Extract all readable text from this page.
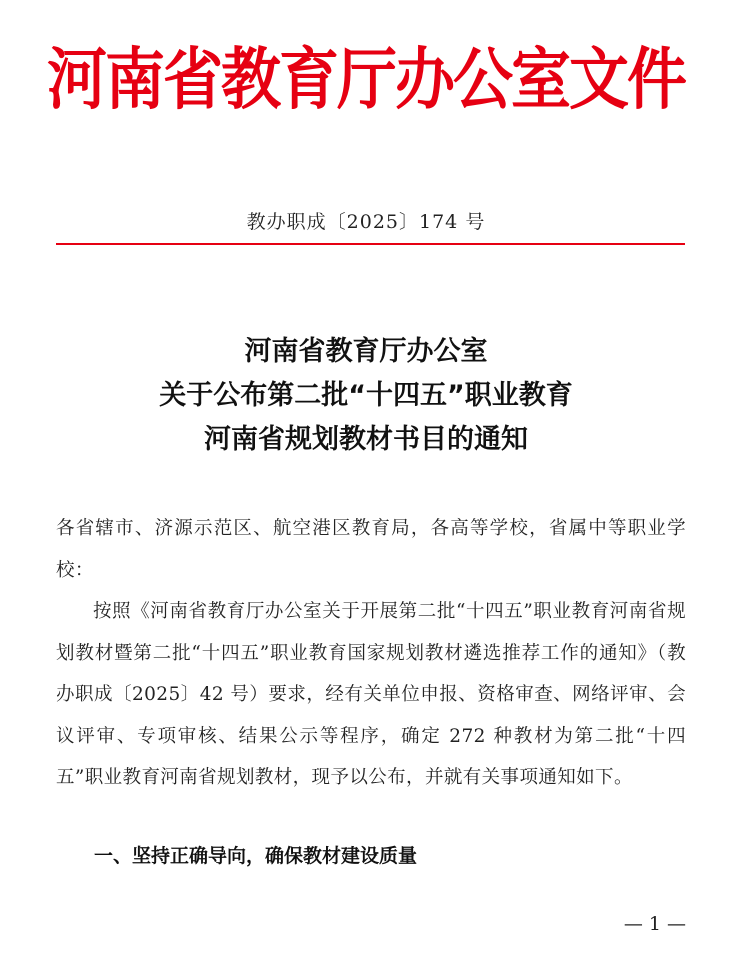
河南省教育厅办公室文件
教办职成〔2025〕174 号
河南省教育厅办公室
关于公布第二批“十四五”职业教育
河南省规划教材书目的通知

各省辖市、济源示范区、航空港区教育局，各高等学校，省属中等职业学校：

按照《河南省教育厅办公室关于开展第二批“十四五”职业教育河南省规划教材暨第二批“十四五”职业教育国家规划教材遴选推荐工作的通知》（教办职成〔2025〕42 号）要求，经有关单位申报、资格审查、网络评审、会议评审、专项审核、结果公示等程序，确定 272 种教材为第二批“十四五”职业教育河南省规划教材，现予以公布，并就有关事项通知如下。

一、坚持正确导向，确保教材建设质量
— 1 —
